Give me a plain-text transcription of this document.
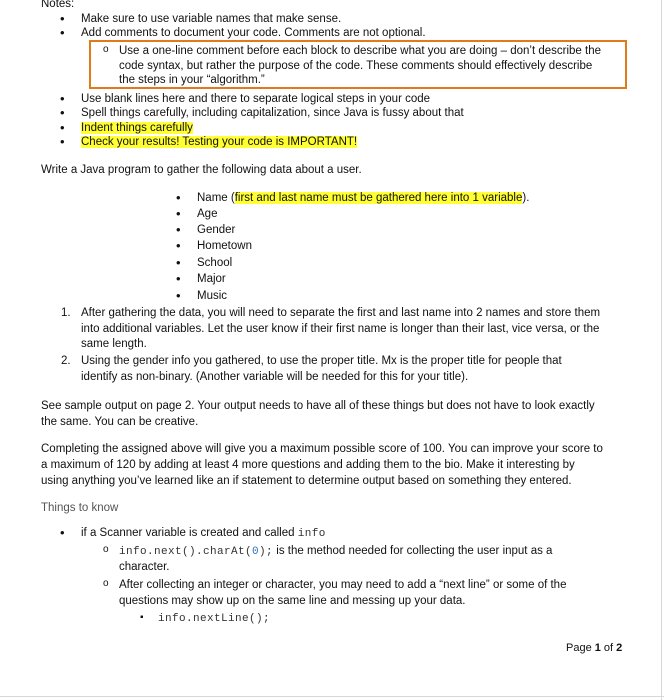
Notes:
• Make sure to use variable names that make sense.
• Add comments to document your code. Comments are not optional.
o Use a one-line comment before each block to describe what you are doing – don’t describe the
code syntax, but rather the purpose of the code. These comments should effectively describe
the steps in your “algorithm.”
• Use blank lines here and there to separate logical steps in your code
• Spell things carefully, including capitalization, since Java is fussy about that
• Indent things carefully
• Check your results! Testing your code is IMPORTANT!
Write a Java program to gather the following data about a user.
• Name (first and last name must be gathered here into 1 variable).
• Age
• Gender
• Hometown
• School
• Major
• Music
1. After gathering the data, you will need to separate the first and last name into 2 names and store them
into additional variables. Let the user know if their first name is longer than their last, vice versa, or the
same length.
2. Using the gender info you gathered, to use the proper title. Mx is the proper title for people that
identify as non-binary. (Another variable will be needed for this for your title).
See sample output on page 2. Your output needs to have all of these things but does not have to look exactly
the same. You can be creative.
Completing the assigned above will give you a maximum possible score of 100. You can improve your score to
a maximum of 120 by adding at least 4 more questions and adding them to the bio. Make it interesting by
using anything you’ve learned like an if statement to determine output based on something they entered.
Things to know
• if a Scanner variable is created and called info
o info.next().charAt(0); is the method needed for collecting the user input as a
character.
o After collecting an integer or character, you may need to add a “next line” or some of the
questions may show up on the same line and messing up your data.
▪ info.nextLine();
Page 1 of 2
